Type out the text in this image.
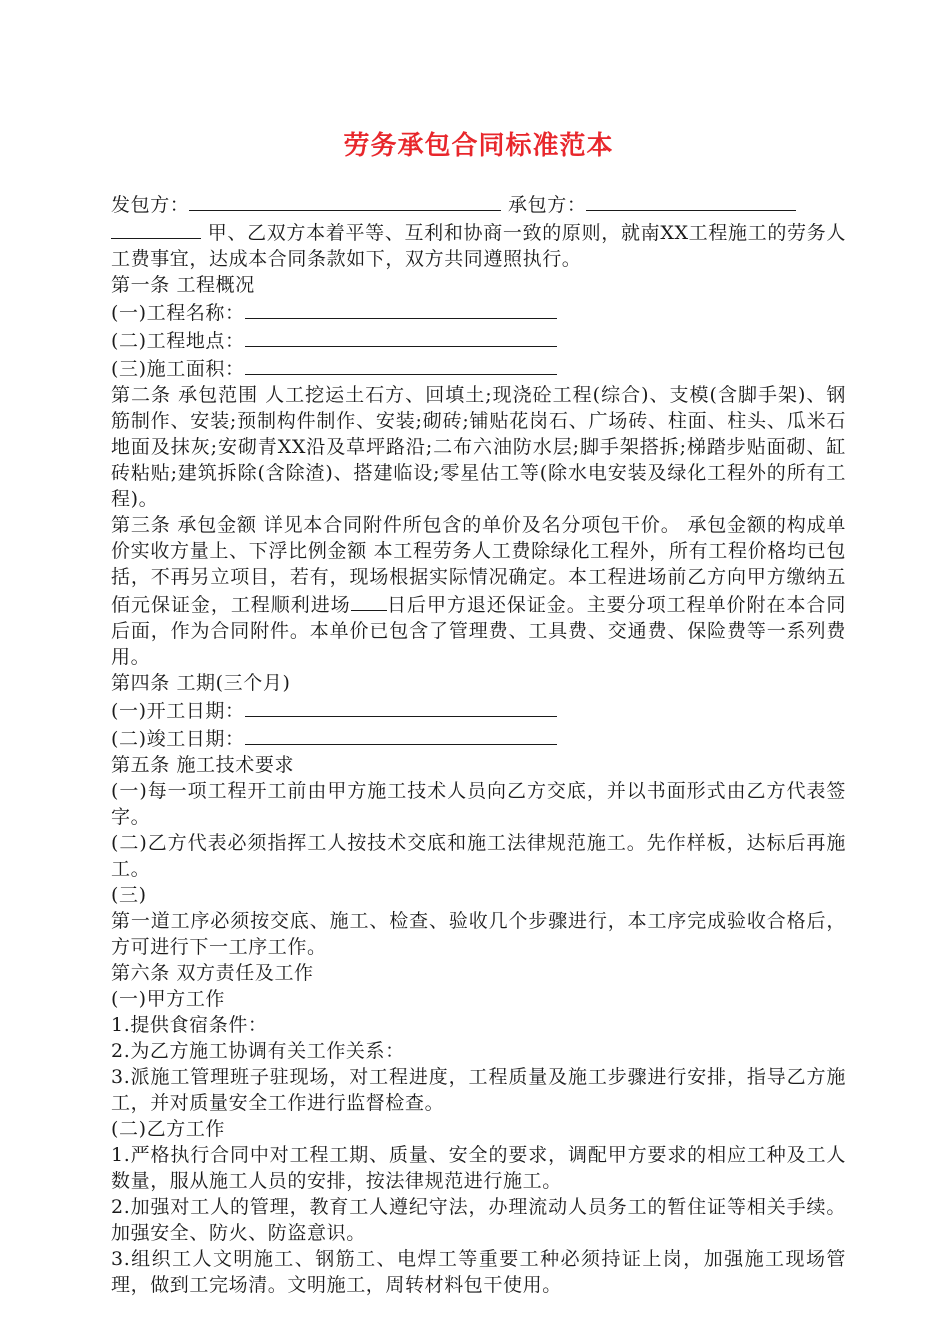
劳务承包合同标准范本
发包方：	承包方：
甲、乙双方本着平等、互利和协商一致的原则，就南XX工程施工的劳务人工费事宜，达成本合同条款如下，双方共同遵照执行。
第一条 工程概况
(一)工程名称：
(二)工程地点：
(三)施工面积：
第二条 承包范围 人工挖运土石方、回填土;现浇砼工程(综合)、支模(含脚手架)、钢筋制作、安装;预制构件制作、安装;砌砖;铺贴花岗石、广场砖、柱面、柱头、瓜米石地面及抹灰;安砌青XX沿及草坪路沿;二布六油防水层;脚手架搭拆;梯踏步贴面砌、缸砖粘贴;建筑拆除(含除渣)、搭建临设;零星估工等(除水电安装及绿化工程外的所有工程)。
第三条 承包金额 详见本合同附件所包含的单价及名分项包干价。 承包金额的构成单价实收方量上、下浮比例金额 本工程劳务人工费除绿化工程外，所有工程价格均已包括，不再另立项目，若有，现场根据实际情况确定。本工程进场前乙方向甲方缴纳五佰元保证金，工程顺利进场 日后甲方退还保证金。主要分项工程单价附在本合同后面，作为合同附件。本单价已包含了管理费、工具费、交通费、保险费等一系列费用。
第四条 工期(三个月)
(一)开工日期：
(二)竣工日期：
第五条 施工技术要求
(一)每一项工程开工前由甲方施工技术人员向乙方交底，并以书面形式由乙方代表签字。
(二)乙方代表必须指挥工人按技术交底和施工法律规范施工。先作样板，达标后再施工。
(三)
第一道工序必须按交底、施工、检查、验收几个步骤进行，本工序完成验收合格后，方可进行下一工序工作。
第六条 双方责任及工作
(一)甲方工作
1.提供食宿条件：
2.为乙方施工协调有关工作关系：
3.派施工管理班子驻现场，对工程进度，工程质量及施工步骤进行安排，指导乙方施工，并对质量安全工作进行监督检查。
(二)乙方工作
1.严格执行合同中对工程工期、质量、安全的要求，调配甲方要求的相应工种及工人数量，服从施工人员的安排，按法律规范进行施工。
2.加强对工人的管理，教育工人遵纪守法，办理流动人员务工的暂住证等相关手续。加强安全、防火、防盗意识。
3.组织工人文明施工、钢筋工、电焊工等重要工种必须持证上岗，加强施工现场管理，做到工完场清。文明施工，周转材料包干使用。
